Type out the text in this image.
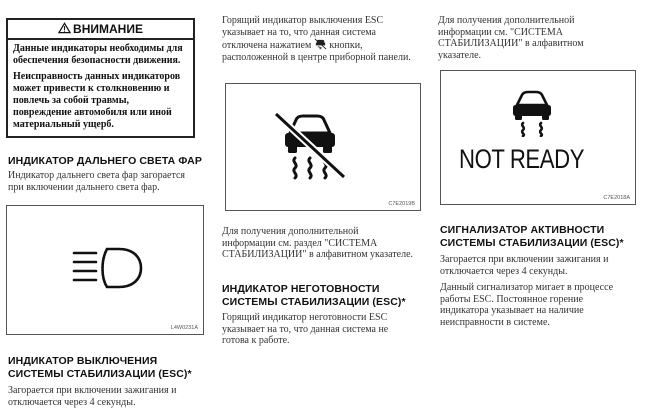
ВНИМАНИЕ

Данные индикаторы необходимы для обеспечения безопасности движения.

Неисправность данных индикаторов может привести к столкновению и повлечь за собой травмы, повреждение автомобиля или иной материальный ущерб.

ИНДИКАТОР ДАЛЬНЕГО СВЕТА ФАР
Индикатор дальнего света фар загорается при включении дальнего света фар.
L4W0231A
ИНДИКАТОР ВЫКЛЮЧЕНИЯ
СИСТЕМЫ СТАБИЛИЗАЦИИ (ESC)*
Загорается при включении зажигания и отключается через 4 секунды.
Горящий индикатор выключения ESC указывает на то, что данная система отключена нажатием кнопки, расположенной в центре приборной панели.
C7E2019B
Для получения дополнительной информации см. раздел "СИСТЕМА СТАБИЛИЗАЦИИ" в алфавитном указателе.
ИНДИКАТОР НЕГОТОВНОСТИ
СИСТЕМЫ СТАБИЛИЗАЦИИ (ESC)*
Горящий индикатор неготовности ESC указывает на то, что данная система не готова к работе.
Для получения дополнительной информации см. "СИСТЕМА СТАБИЛИЗАЦИИ" в алфавитном указателе.
NOT READY
C7E2018A
СИГНАЛИЗАТОР АКТИВНОСТИ
СИСТЕМЫ СТАБИЛИЗАЦИИ (ESC)*
Загорается при включении зажигания и отключается через 4 секунды.
Данный сигнализатор мигает в процессе работы ESC. Постоянное горение индикатора указывает на наличие неисправности в системе.
